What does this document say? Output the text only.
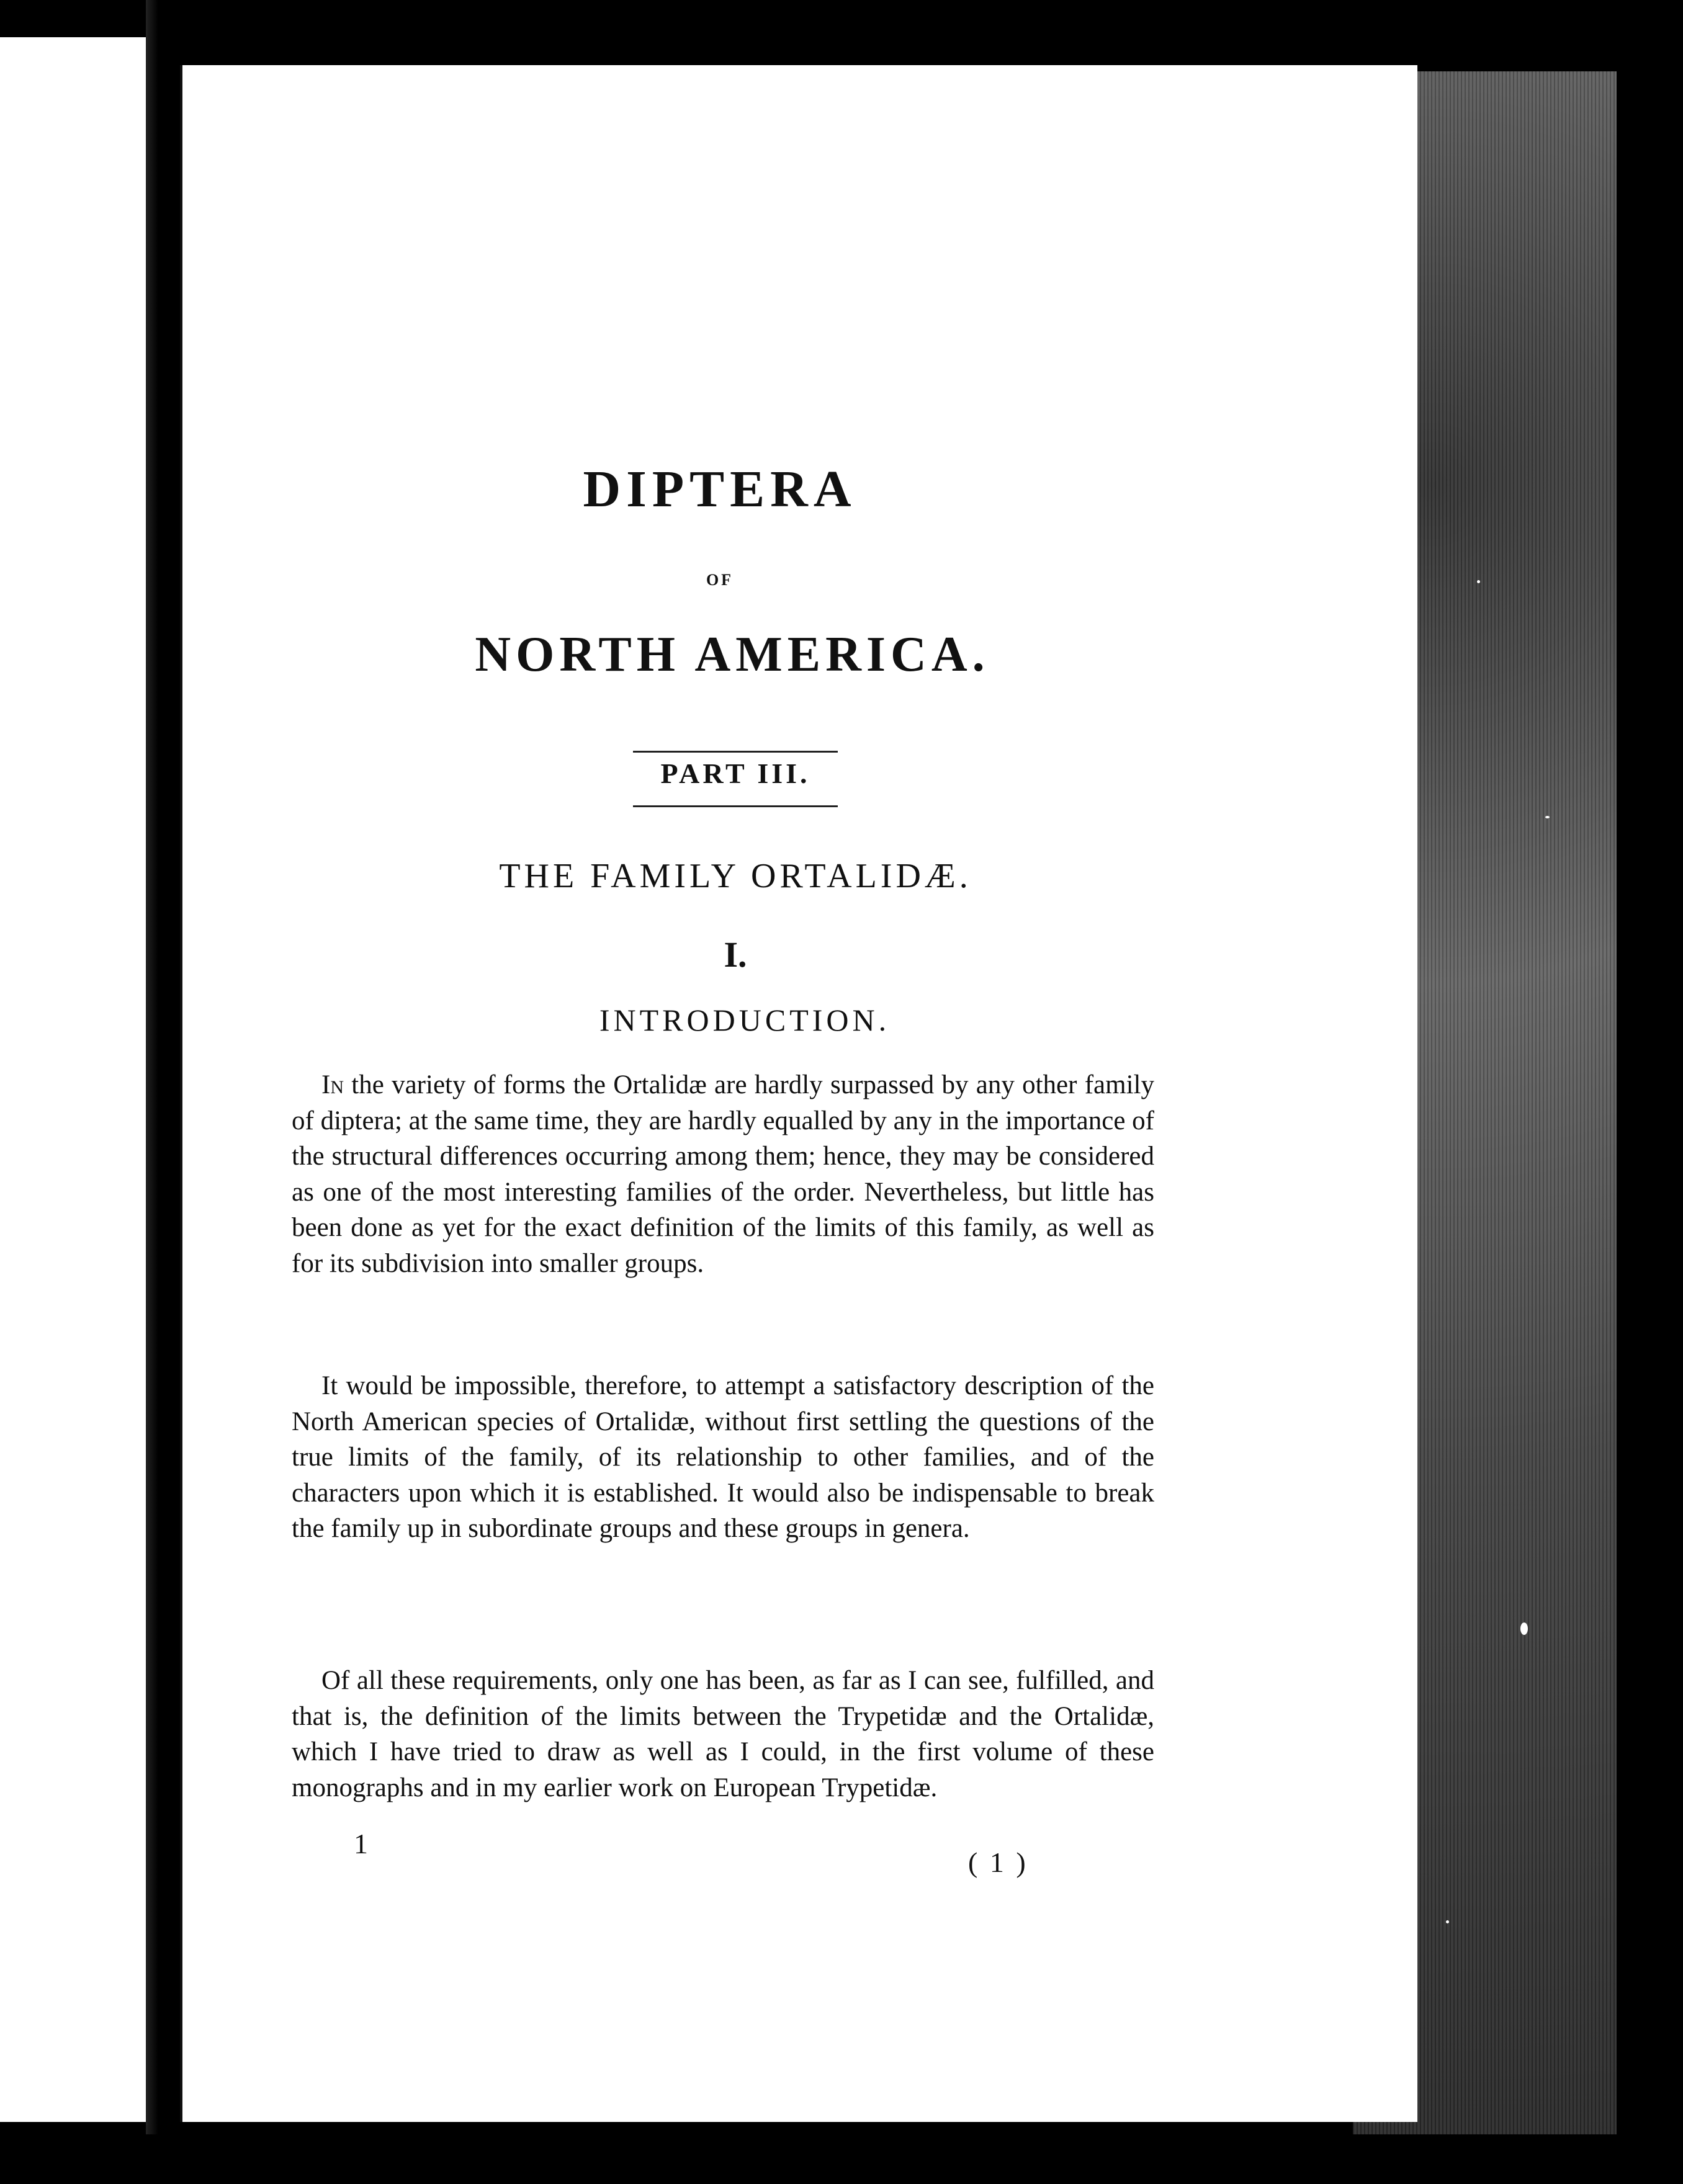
DIPTERA
OF
NORTH AMERICA.
PART III.
THE FAMILY ORTALIDÆ.
I.
INTRODUCTION.

In the variety of forms the Ortalidæ are hardly surpassed by any other family of diptera; at the same time, they are hardly equalled by any in the importance of the structural differences occurring among them; hence, they may be considered as one of the most interesting families of the order. Nevertheless, but little has been done as yet for the exact definition of the limits of this family, as well as for its subdivision into smaller groups.

It would be impossible, therefore, to attempt a satisfactory description of the North American species of Ortalidæ, without first settling the questions of the true limits of the family, of its relationship to other families, and of the characters upon which it is established. It would also be indispensable to break the family up in subordinate groups and these groups in genera.

Of all these requirements, only one has been, as far as I can see, fulfilled, and that is, the definition of the limits between the Trypetidæ and the Ortalidæ, which I have tried to draw as well as I could, in the first volume of these monographs and in my earlier work on European Trypetidæ.

1
( 1 )
